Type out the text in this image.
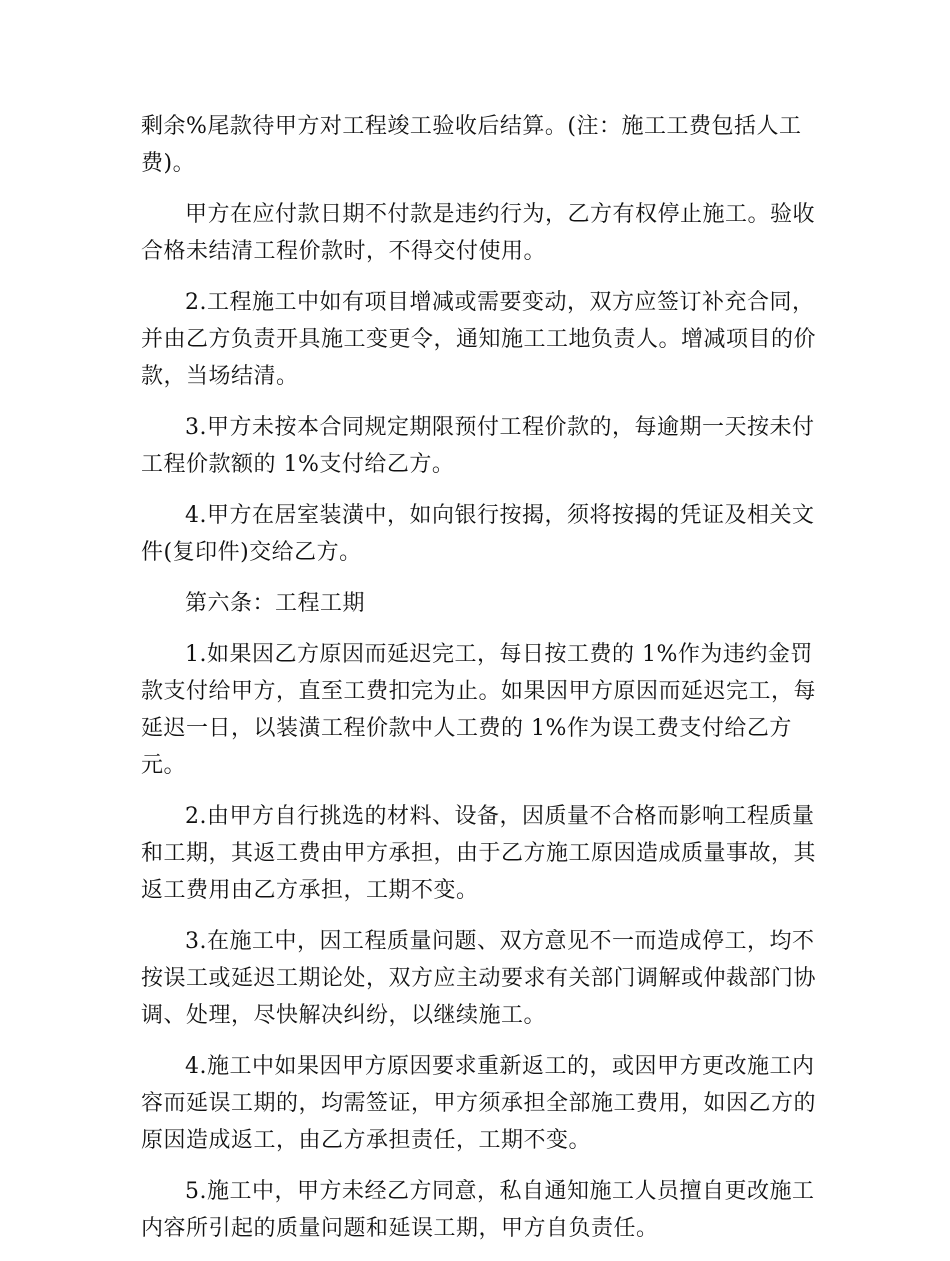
剩余%尾款待甲方对工程竣工验收后结算。(注：施工工费包括人工费)。

甲方在应付款日期不付款是违约行为，乙方有权停止施工。验收合格未结清工程价款时，不得交付使用。

2.工程施工中如有项目增减或需要变动，双方应签订补充合同，并由乙方负责开具施工变更令，通知施工工地负责人。增减项目的价款，当场结清。

3.甲方未按本合同规定期限预付工程价款的，每逾期一天按未付工程价款额的 1%支付给乙方。

4.甲方在居室装潢中，如向银行按揭，须将按揭的凭证及相关文件(复印件)交给乙方。

第六条：工程工期

1.如果因乙方原因而延迟完工，每日按工费的 1%作为违约金罚款支付给甲方，直至工费扣完为止。如果因甲方原因而延迟完工，每延迟一日，以装潢工程价款中人工费的 1%作为误工费支付给乙方元。

2.由甲方自行挑选的材料、设备，因质量不合格而影响工程质量和工期，其返工费由甲方承担，由于乙方施工原因造成质量事故，其返工费用由乙方承担，工期不变。

3.在施工中，因工程质量问题、双方意见不一而造成停工，均不按误工或延迟工期论处，双方应主动要求有关部门调解或仲裁部门协调、处理，尽快解决纠纷，以继续施工。

4.施工中如果因甲方原因要求重新返工的，或因甲方更改施工内容而延误工期的，均需签证，甲方须承担全部施工费用，如因乙方的原因造成返工，由乙方承担责任，工期不变。

5.施工中，甲方未经乙方同意，私自通知施工人员擅自更改施工内容所引起的质量问题和延误工期，甲方自负责任。
